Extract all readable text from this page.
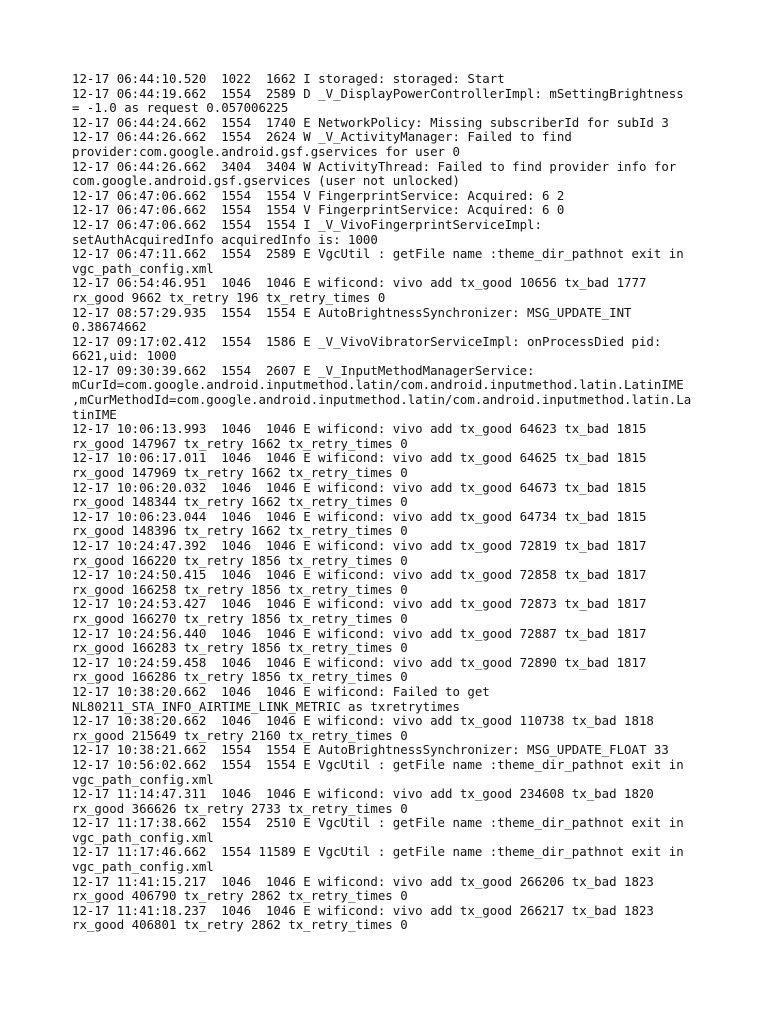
12-17 06:44:10.520  1022  1662 I storaged: storaged: Start
12-17 06:44:19.662  1554  2589 D _V_DisplayPowerControllerImpl: mSettingBrightness
= -1.0 as request 0.057006225
12-17 06:44:24.662  1554  1740 E NetworkPolicy: Missing subscriberId for subId 3
12-17 06:44:26.662  1554  2624 W _V_ActivityManager: Failed to find
provider:com.google.android.gsf.gservices for user 0
12-17 06:44:26.662  3404  3404 W ActivityThread: Failed to find provider info for
com.google.android.gsf.gservices (user not unlocked)
12-17 06:47:06.662  1554  1554 V FingerprintService: Acquired: 6 2
12-17 06:47:06.662  1554  1554 V FingerprintService: Acquired: 6 0
12-17 06:47:06.662  1554  1554 I _V_VivoFingerprintServiceImpl:
setAuthAcquiredInfo acquiredInfo is: 1000
12-17 06:47:11.662  1554  2589 E VgcUtil : getFile name :theme_dir_pathnot exit in
vgc_path_config.xml
12-17 06:54:46.951  1046  1046 E wificond: vivo add tx_good 10656 tx_bad 1777
rx_good 9662 tx_retry 196 tx_retry_times 0
12-17 08:57:29.935  1554  1554 E AutoBrightnessSynchronizer: MSG_UPDATE_INT
0.38674662
12-17 09:17:02.412  1554  1586 E _V_VivoVibratorServiceImpl: onProcessDied pid:
6621,uid: 1000
12-17 09:30:39.662  1554  2607 E _V_InputMethodManagerService:
mCurId=com.google.android.inputmethod.latin/com.android.inputmethod.latin.LatinIME
,mCurMethodId=com.google.android.inputmethod.latin/com.android.inputmethod.latin.La
tinIME
12-17 10:06:13.993  1046  1046 E wificond: vivo add tx_good 64623 tx_bad 1815
rx_good 147967 tx_retry 1662 tx_retry_times 0
12-17 10:06:17.011  1046  1046 E wificond: vivo add tx_good 64625 tx_bad 1815
rx_good 147969 tx_retry 1662 tx_retry_times 0
12-17 10:06:20.032  1046  1046 E wificond: vivo add tx_good 64673 tx_bad 1815
rx_good 148344 tx_retry 1662 tx_retry_times 0
12-17 10:06:23.044  1046  1046 E wificond: vivo add tx_good 64734 tx_bad 1815
rx_good 148396 tx_retry 1662 tx_retry_times 0
12-17 10:24:47.392  1046  1046 E wificond: vivo add tx_good 72819 tx_bad 1817
rx_good 166220 tx_retry 1856 tx_retry_times 0
12-17 10:24:50.415  1046  1046 E wificond: vivo add tx_good 72858 tx_bad 1817
rx_good 166258 tx_retry 1856 tx_retry_times 0
12-17 10:24:53.427  1046  1046 E wificond: vivo add tx_good 72873 tx_bad 1817
rx_good 166270 tx_retry 1856 tx_retry_times 0
12-17 10:24:56.440  1046  1046 E wificond: vivo add tx_good 72887 tx_bad 1817
rx_good 166283 tx_retry 1856 tx_retry_times 0
12-17 10:24:59.458  1046  1046 E wificond: vivo add tx_good 72890 tx_bad 1817
rx_good 166286 tx_retry 1856 tx_retry_times 0
12-17 10:38:20.662  1046  1046 E wificond: Failed to get
NL80211_STA_INFO_AIRTIME_LINK_METRIC as txretrytimes
12-17 10:38:20.662  1046  1046 E wificond: vivo add tx_good 110738 tx_bad 1818
rx_good 215649 tx_retry 2160 tx_retry_times 0
12-17 10:38:21.662  1554  1554 E AutoBrightnessSynchronizer: MSG_UPDATE_FLOAT 33
12-17 10:56:02.662  1554  1554 E VgcUtil : getFile name :theme_dir_pathnot exit in
vgc_path_config.xml
12-17 11:14:47.311  1046  1046 E wificond: vivo add tx_good 234608 tx_bad 1820
rx_good 366626 tx_retry 2733 tx_retry_times 0
12-17 11:17:38.662  1554  2510 E VgcUtil : getFile name :theme_dir_pathnot exit in
vgc_path_config.xml
12-17 11:17:46.662  1554 11589 E VgcUtil : getFile name :theme_dir_pathnot exit in
vgc_path_config.xml
12-17 11:41:15.217  1046  1046 E wificond: vivo add tx_good 266206 tx_bad 1823
rx_good 406790 tx_retry 2862 tx_retry_times 0
12-17 11:41:18.237  1046  1046 E wificond: vivo add tx_good 266217 tx_bad 1823
rx_good 406801 tx_retry 2862 tx_retry_times 0
